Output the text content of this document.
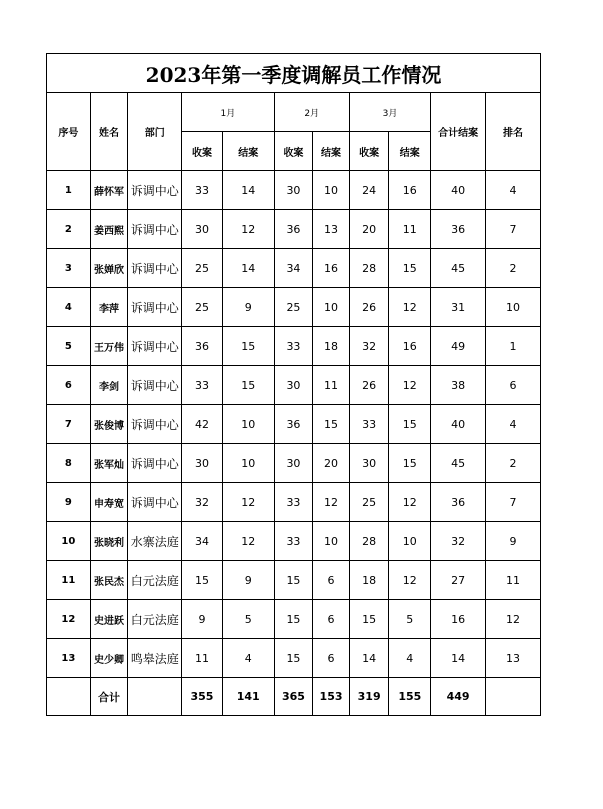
2023年第一季度调解员工作情况										
序号	姓名	部门	1月		2月		3月		合计结案	排名
			收案	结案	收案	结案	收案	结案		
1	薛怀军	诉调中心	33	14	30	10	24	16	40	4
2	姜西熙	诉调中心	30	12	36	13	20	11	36	7
3	张婵欣	诉调中心	25	14	34	16	28	15	45	2
4	李萍	诉调中心	25	9	25	10	26	12	31	10
5	王万伟	诉调中心	36	15	33	18	32	16	49	1
6	李剑	诉调中心	33	15	30	11	26	12	38	6
7	张俊博	诉调中心	42	10	36	15	33	15	40	4
8	张军灿	诉调中心	30	10	30	20	30	15	45	2
9	申寿宽	诉调中心	32	12	33	12	25	12	36	7
10	张晓利	水寨法庭	34	12	33	10	28	10	32	9
11	张民杰	白元法庭	15	9	15	6	18	12	27	11
12	史进跃	白元法庭	9	5	15	6	15	5	16	12
13	史少卿	鸣皋法庭	11	4	15	6	14	4	14	13
	合计		355	141	365	153	319	155	449	
